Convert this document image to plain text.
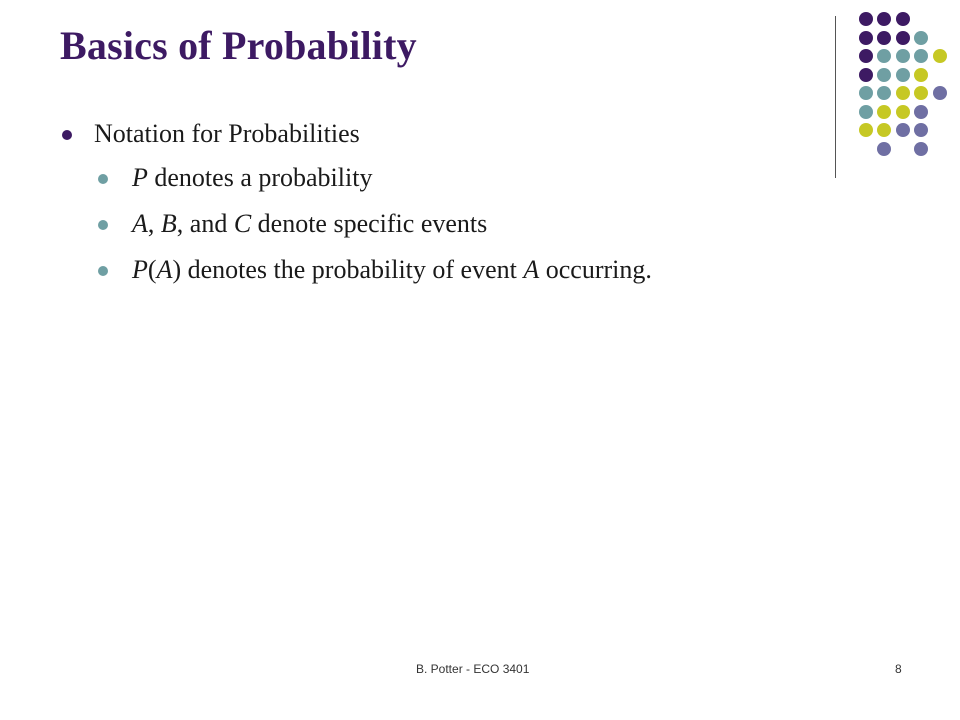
Basics of Probability
Notation for Probabilities
P denotes a probability
A, B, and C denote specific events
P(A) denotes the probability of event A occurring.
B. Potter - ECO 3401	8
